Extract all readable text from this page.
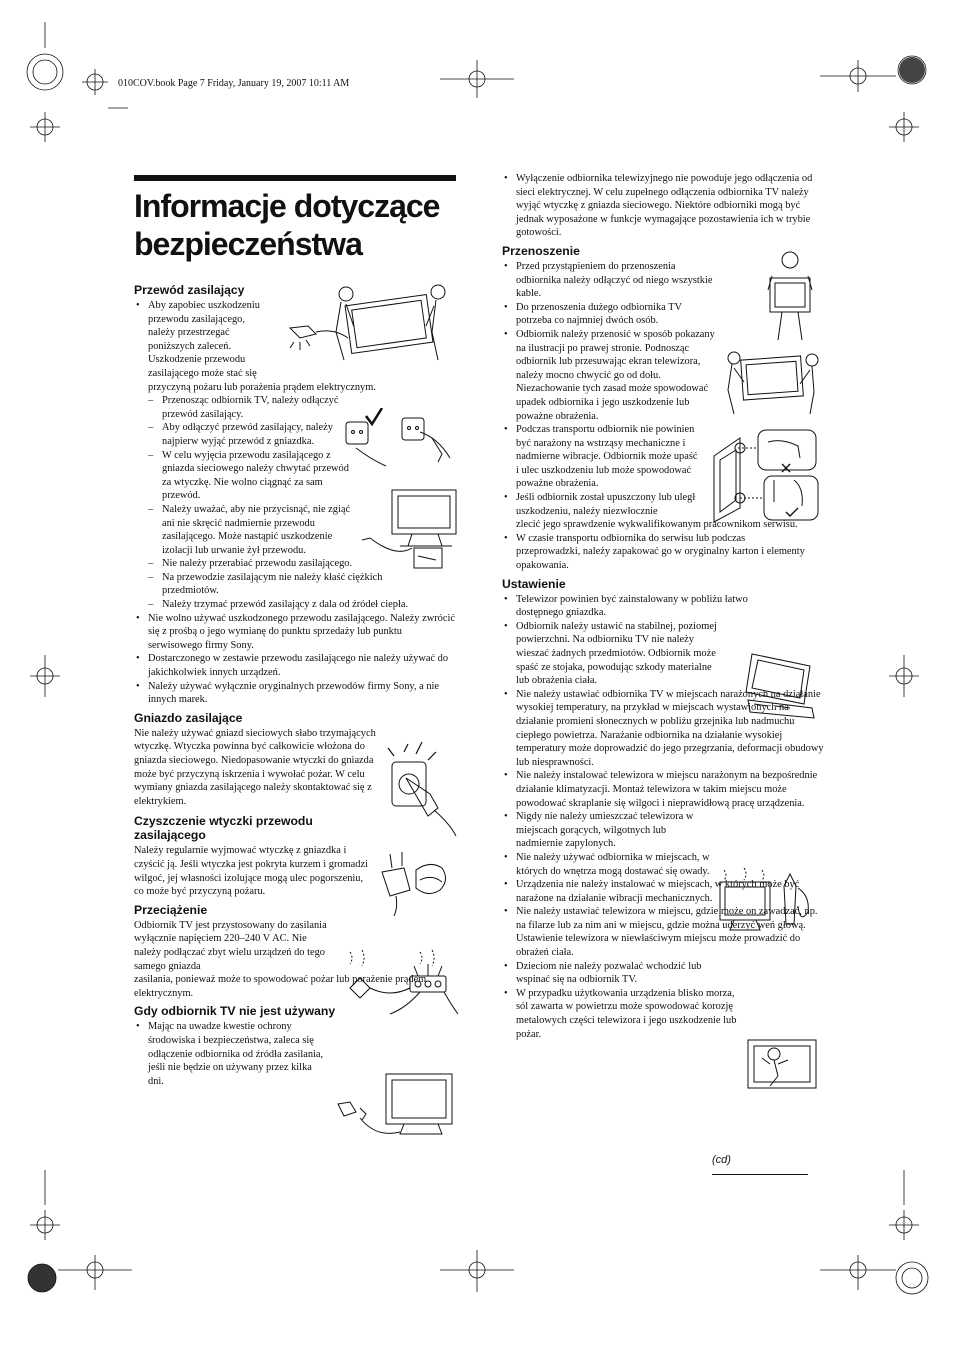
010COV.book Page 7 Friday, January 19, 2007 10:11 AM
Informacje dotyczące
bezpieczeństwa
Przewód zasilający
• Aby zapobiec uszkodzeniu
przewodu zasilającego,
należy przestrzegać
poniższych zaleceń.
Uszkodzenie przewodu
zasilającego może stać się
przyczyną pożaru lub porażenia prądem elektrycznym.
– Przenosząc odbiornik TV, należy odłączyć przewód zasilający.
– Aby odłączyć przewód zasilający, należy najpierw wyjąć przewód z gniazdka.
– W celu wyjęcia przewodu zasilającego z gniazda sieciowego należy chwytać przewód za wtyczkę. Nie wolno ciągnąć za sam przewód.
– Należy uważać, aby nie przycisnąć, nie zgiąć ani nie skręcić nadmiernie przewodu zasilającego. Może nastąpić uszkodzenie izolacji lub urwanie żył przewodu.
– Nie należy przerabiać przewodu zasilającego.
– Na przewodzie zasilającym nie należy kłaść ciężkich przedmiotów.
– Należy trzymać przewód zasilający z dala od źródeł ciepła.
• Nie wolno używać uszkodzonego przewodu zasilającego. Należy zwrócić się z prośbą o jego wymianę do punktu sprzedaży lub punktu serwisowego firmy Sony.
• Dostarczonego w zestawie przewodu zasilającego nie należy używać do jakichkolwiek innych urządzeń.
• Należy używać wyłącznie oryginalnych przewodów firmy Sony, a nie innych marek.
Gniazdo zasilające

Nie należy używać gniazd sieciowych słabo trzymających wtyczkę. Wtyczka powinna być całkowicie włożona do gniazda sieciowego. Niedopasowanie wtyczki do gniazda może być przyczyną iskrzenia i wywołać pożar. W celu wymiany gniazda zasilającego należy skontaktować się z elektrykiem.

Czyszczenie wtyczki przewodu
zasilającego

Należy regularnie wyjmować wtyczkę z gniazdka i czyścić ją. Jeśli wtyczka jest pokryta kurzem i gromadzi wilgoć, jej własności izolujące mogą ulec pogorszeniu, co może być przyczyną pożaru.

Przeciążenie

Odbiornik TV jest przystosowany do zasilania wyłącznie napięciem 220–240 V AC. Nie należy podłączać zbyt wielu urządzeń do tego samego gniazda

zasilania, ponieważ może to spowodować pożar lub porażenie prądem elektrycznym.

Gdy odbiornik TV nie jest używany
• Mając na uwadze kwestie ochrony środowiska i bezpieczeństwa, zaleca się odłączenie odbiornika od źródła zasilania, jeśli nie będzie on używany przez kilka dni.
• Wyłączenie odbiornika telewizyjnego nie powoduje jego odłączenia od sieci elektrycznej. W celu zupełnego odłączenia odbiornika TV należy wyjąć wtyczkę z gniazda sieciowego. Niektóre odbiorniki mogą być jednak wyposażone w funkcje wymagające pozostawienia ich w trybie gotowości.
Przenoszenie
• Przed przystąpieniem do przenoszenia odbiornika należy odłączyć od niego wszystkie kable.
• Do przenoszenia dużego odbiornika TV potrzeba co najmniej dwóch osób.
• Odbiornik należy przenosić w sposób pokazany na ilustracji po prawej stronie. Podnosząc odbiornik lub przesuwając ekran telewizora, należy mocno chwycić go od dołu. Niezachowanie tych zasad może spowodować upadek odbiornika i jego uszkodzenie lub poważne obrażenia.
• Podczas transportu odbiornik nie powinien być narażony na wstrząsy mechaniczne i nadmierne wibracje. Odbiornik może upaść i ulec uszkodzeniu lub może spowodować poważne obrażenia.
• Jeśli odbiornik został upuszczony lub uległ uszkodzeniu, należy niezwłocznie
zlecić jego sprawdzenie wykwalifikowanym pracownikom serwisu.
• W czasie transportu odbiornika do serwisu lub podczas przeprowadzki, należy zapakować go w oryginalny karton i elementy opakowania.
Ustawienie
• Telewizor powinien być zainstalowany w pobliżu łatwo dostępnego gniazdka.
• Odbiornik należy ustawić na stabilnej, poziomej powierzchni. Na odbiorniku TV nie należy wieszać żadnych przedmiotów. Odbiornik może spaść ze stojaka, powodując szkody materialne lub obrażenia ciała.
• Nie należy ustawiać odbiornika TV w miejscach narażonych na działanie wysokiej temperatury, na przykład w miejscach wystawionych na działanie promieni słonecznych w pobliżu grzejnika lub nadmuchu ciepłego powietrza. Narażanie odbiornika na działanie wysokiej temperatury może doprowadzić do jego przegrzania, deformacji obudowy lub niesprawności.
• Nie należy instalować telewizora w miejscu narażonym na bezpośrednie działanie klimatyzacji. Montaż telewizora w takim miejscu może powodować skraplanie się wilgoci i nieprawidłową pracę urządzenia.
• Nigdy nie należy umieszczać telewizora w miejscach gorących, wilgotnych lub nadmiernie zapylonych.
• Nie należy używać odbiornika w miejscach, w których do wnętrza mogą dostawać się owady.
• Urządzenia nie należy instalować w miejscach, w których może być narażone na działanie wibracji mechanicznych.
• Nie należy ustawiać telewizora w miejscu, gdzie może on zawadzać, np. na filarze lub za nim ani w miejscu, gdzie można uderzyć weń głową. Ustawienie telewizora w niewłaściwym miejscu może prowadzić do obrażeń ciała.
• Dzieciom nie należy pozwalać wchodzić lub wspinać się na odbiornik TV.
• W przypadku użytkowania urządzenia blisko morza, sól zawarta w powietrzu może spowodować korozję metalowych części telewizora i jego uszkodzenie lub pożar.
(cd)
